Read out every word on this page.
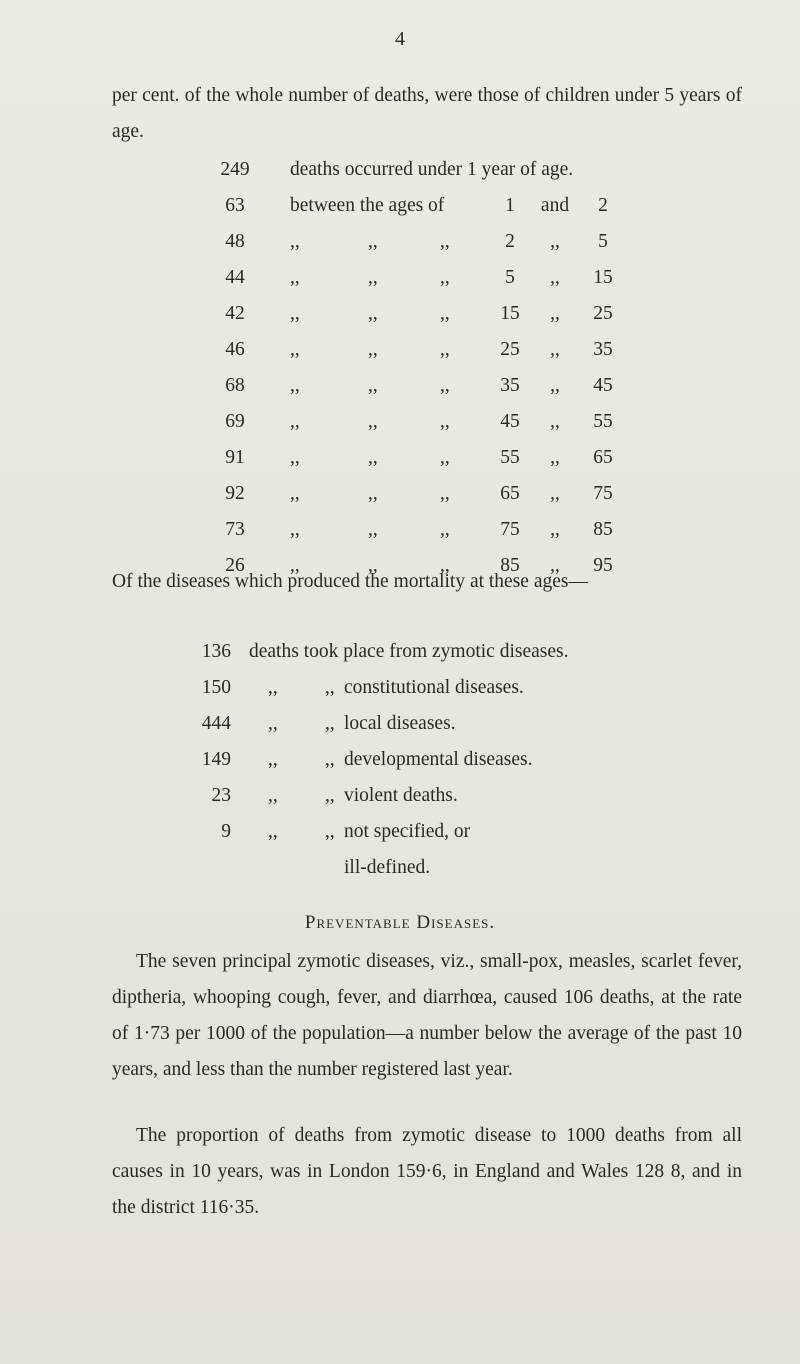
4
per cent. of the whole number of deaths, were those of children under 5 years of age.
249	deaths occurred under 1 year of age.
63	between the ages of	1	and	2
48	,,	,,	,,	2	,,	5
44	,,	,,	,,	5	,,	15
42	,,	,,	,,	15	,,	25
46	,,	,,	,,	25	,,	35
68	,,	,,	,,	35	,,	45
69	,,	,,	,,	45	,,	55
91	,,	,,	,,	55	,,	65
92	,,	,,	,,	65	,,	75
73	,,	,,	,,	75	,,	85
26	,,	,,	,,	85	,,	95
Of the diseases which produced the mortality at these ages—
136 deaths took place from zymotic diseases.
150 ,, ,, constitutional diseases.
444 ,, ,, local diseases.
149 ,, ,, developmental diseases.
23 ,, ,, violent deaths.
9 ,, ,, not specified, or
ill-defined.
Preventable Diseases.
The seven principal zymotic diseases, viz., small-pox, measles, scarlet fever, diptheria, whooping cough, fever, and diarrhœa, caused 106 deaths, at the rate of 1·73 per 1000 of the population—a number below the average of the past 10 years, and less than the number registered last year.
The proportion of deaths from zymotic disease to 1000 deaths from all causes in 10 years, was in London 159·6, in England and Wales 128 8, and in the district 116·35.
